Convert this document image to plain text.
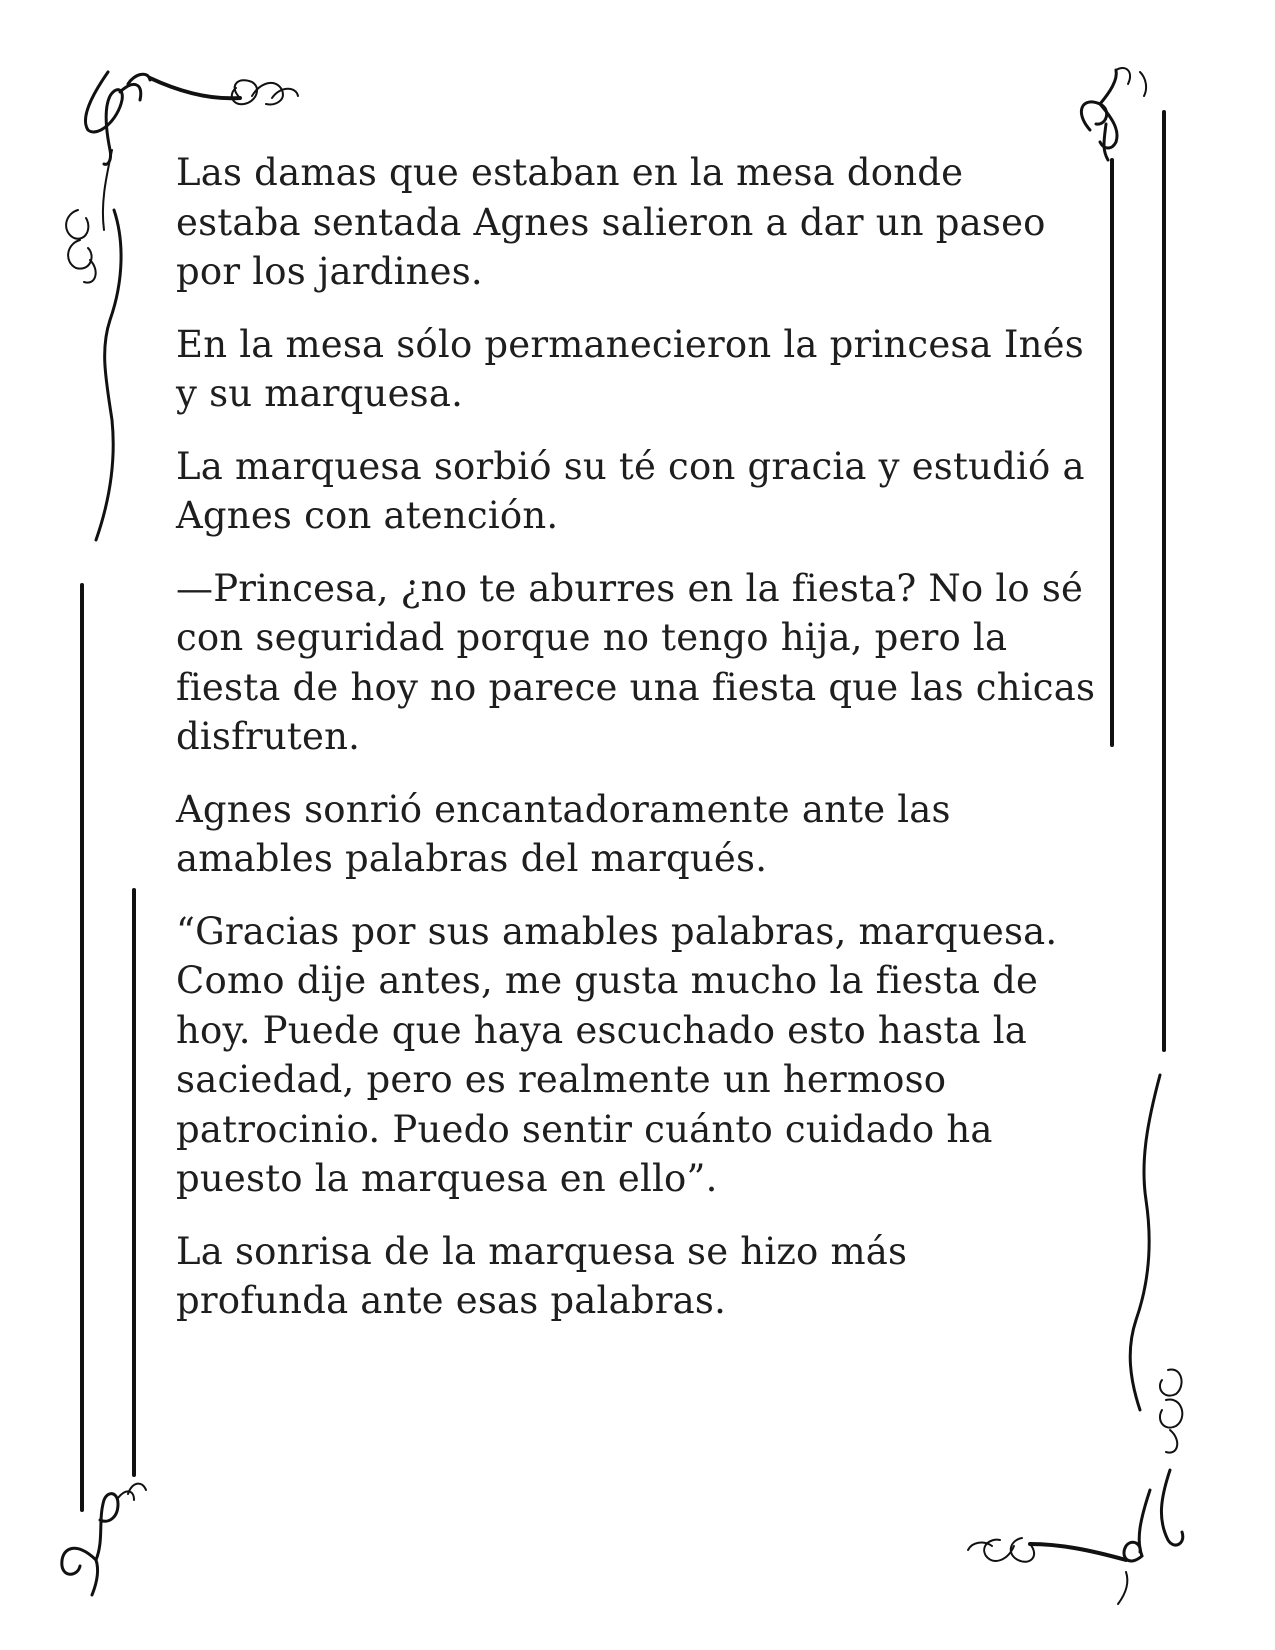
Las damas que estaban en la mesa donde
estaba sentada Agnes salieron a dar un paseo
por los jardines.

En la mesa sólo permanecieron la princesa Inés
y su marquesa.

La marquesa sorbió su té con gracia y estudió a
Agnes con atención.

—Princesa, ¿no te aburres en la fiesta? No lo sé
con seguridad porque no tengo hija, pero la
fiesta de hoy no parece una fiesta que las chicas
disfruten.

Agnes sonrió encantadoramente ante las
amables palabras del marqués.

“Gracias por sus amables palabras, marquesa.
Como dije antes, me gusta mucho la fiesta de
hoy. Puede que haya escuchado esto hasta la
saciedad, pero es realmente un hermoso
patrocinio. Puedo sentir cuánto cuidado ha
puesto la marquesa en ello”.

La sonrisa de la marquesa se hizo más
profunda ante esas palabras.
